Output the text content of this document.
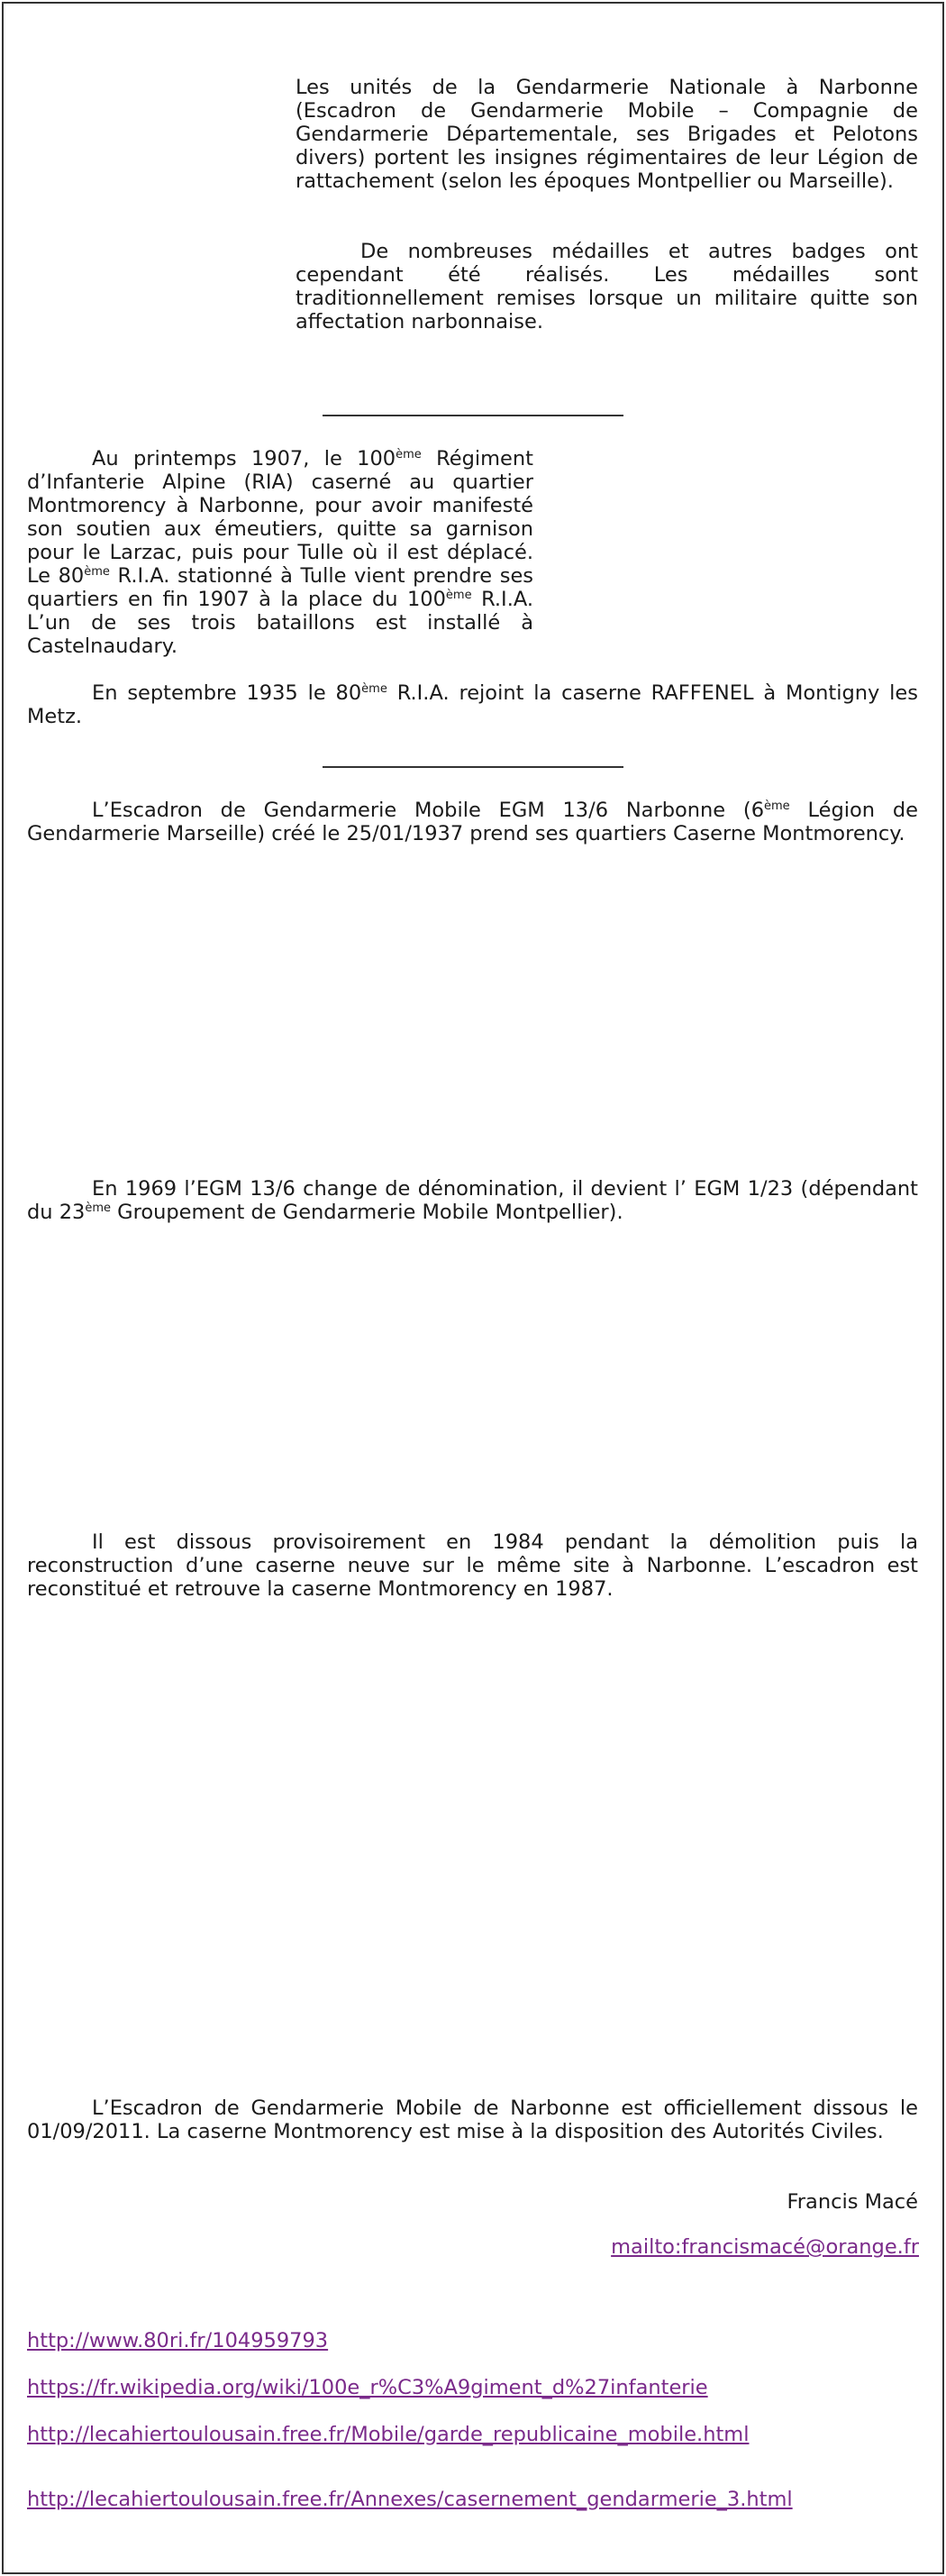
Les unités de la Gendarmerie Nationale à Narbonne (Escadron de Gendarmerie Mobile – Compagnie de Gendarmerie Départementale, ses Brigades et Pelotons divers) portent les insignes régimentaires de leur Légion de rattachement (selon les époques Montpellier ou Marseille).

De nombreuses médailles et autres badges ont cependant été réalisés. Les médailles sont traditionnellement remises lorsque un militaire quitte son affectation narbonnaise.

Au printemps 1907, le 100ème Régiment d’Infanterie Alpine (RIA) caserné au quartier Montmorency à Narbonne, pour avoir manifesté son soutien aux émeutiers, quitte sa garnison pour le Larzac, puis pour Tulle où il est déplacé. Le 80ème R.I.A. stationné à Tulle vient prendre ses quartiers en fin 1907 à la place du 100ème R.I.A. L’un de ses trois bataillons est installé à Castelnaudary.

En septembre 1935 le 80ème R.I.A. rejoint la caserne RAFFENEL à Montigny les Metz.

L’Escadron de Gendarmerie Mobile EGM 13/6 Narbonne (6ème Légion de Gendarmerie Marseille) créé le 25/01/1937 prend ses quartiers Caserne Montmorency.

En 1969 l’EGM 13/6 change de dénomination, il devient l’ EGM 1/23 (dépendant du 23ème Groupement de Gendarmerie Mobile Montpellier).

Il est dissous provisoirement en 1984 pendant la démolition puis la reconstruction d’une caserne neuve sur le même site à Narbonne. L’escadron est reconstitué et retrouve la caserne Montmorency en 1987.

L’Escadron de Gendarmerie Mobile de Narbonne est officiellement dissous le 01/09/2011. La caserne Montmorency est mise à la disposition des Autorités Civiles.

Francis Macé

mailto:francismacé@orange.fr
http://www.80ri.fr/104959793
https://fr.wikipedia.org/wiki/100e_r%C3%A9giment_d%27infanterie
http://lecahiertoulousain.free.fr/Mobile/garde_republicaine_mobile.html
http://lecahiertoulousain.free.fr/Annexes/casernement_gendarmerie_3.html
